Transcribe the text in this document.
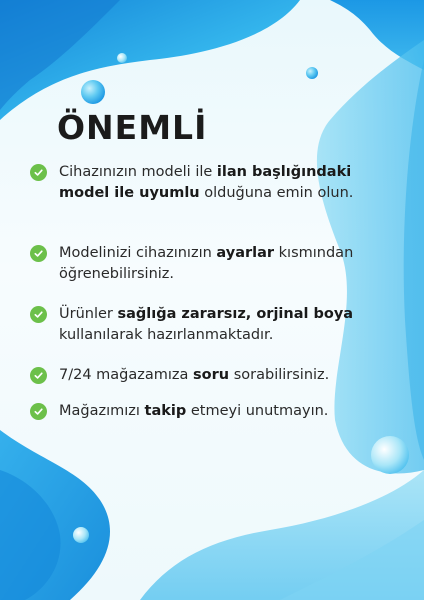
ÖNEMLİ
Cihazınızın modeli ile ilan başlığındaki model ile uyumlu olduğuna emin olun.
Modelinizi cihazınızın ayarlar kısmından öğrenebilirsiniz.
Ürünler sağlığa zararsız, orjinal boya kullanılarak hazırlanmaktadır.
7/24 mağazamıza soru sorabilirsiniz.
Mağazımızı takip etmeyi unutmayın.
